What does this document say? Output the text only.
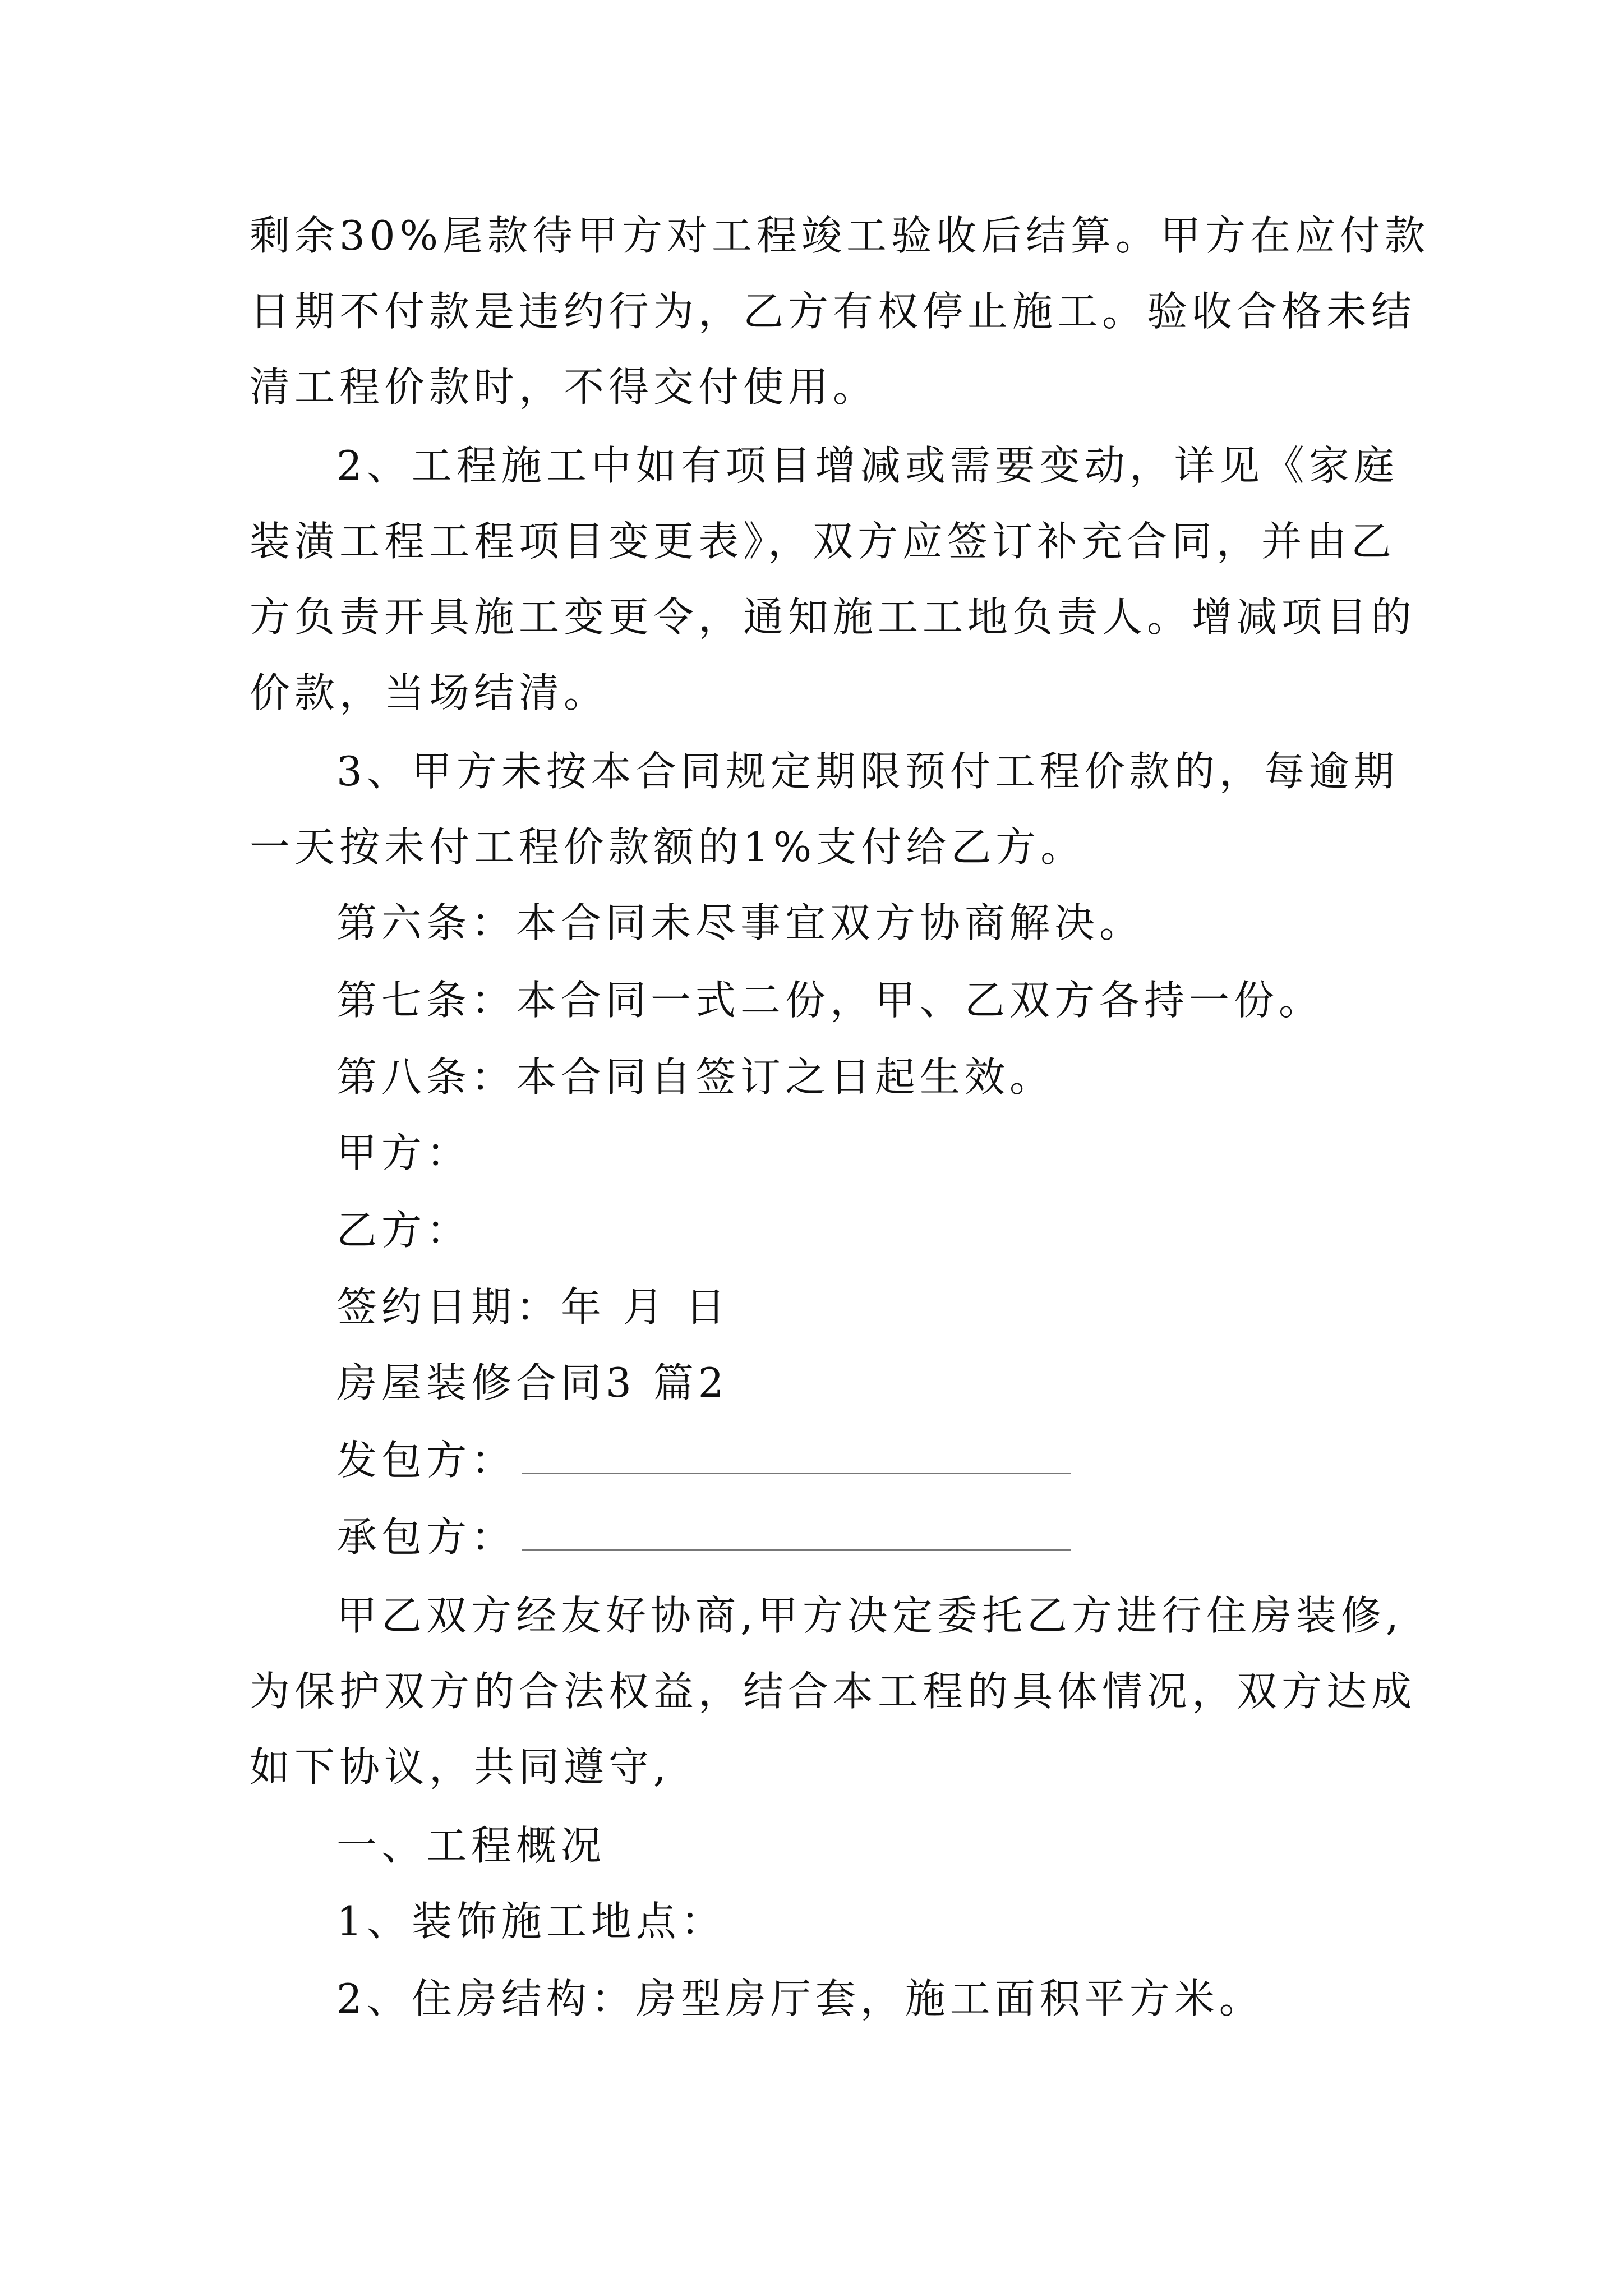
剩余30%尾款待甲方对工程竣工验收后结算。甲方在应付款
日期不付款是违约行为，乙方有权停止施工。验收合格未结
清工程价款时，不得交付使用。
2、工程施工中如有项目增减或需要变动，详见《家庭
装潢工程工程项目变更表》，双方应签订补充合同，并由乙
方负责开具施工变更令，通知施工工地负责人。增减项目的
价款，当场结清。
3、甲方未按本合同规定期限预付工程价款的，每逾期
一天按未付工程价款额的1%支付给乙方。
第六条：本合同未尽事宜双方协商解决。
第七条：本合同一式二份，甲、乙双方各持一份。
第八条：本合同自签订之日起生效。
甲方：
乙方：
签约日期：年 月 日
房屋装修合同3 篇2
发包方：
承包方：
甲乙双方经友好协商,甲方决定委托乙方进行住房装修,
为保护双方的合法权益，结合本工程的具体情况，双方达成
如下协议，共同遵守,
一、工程概况
1、装饰施工地点：
2、住房结构：房型房厅套，施工面积平方米。
